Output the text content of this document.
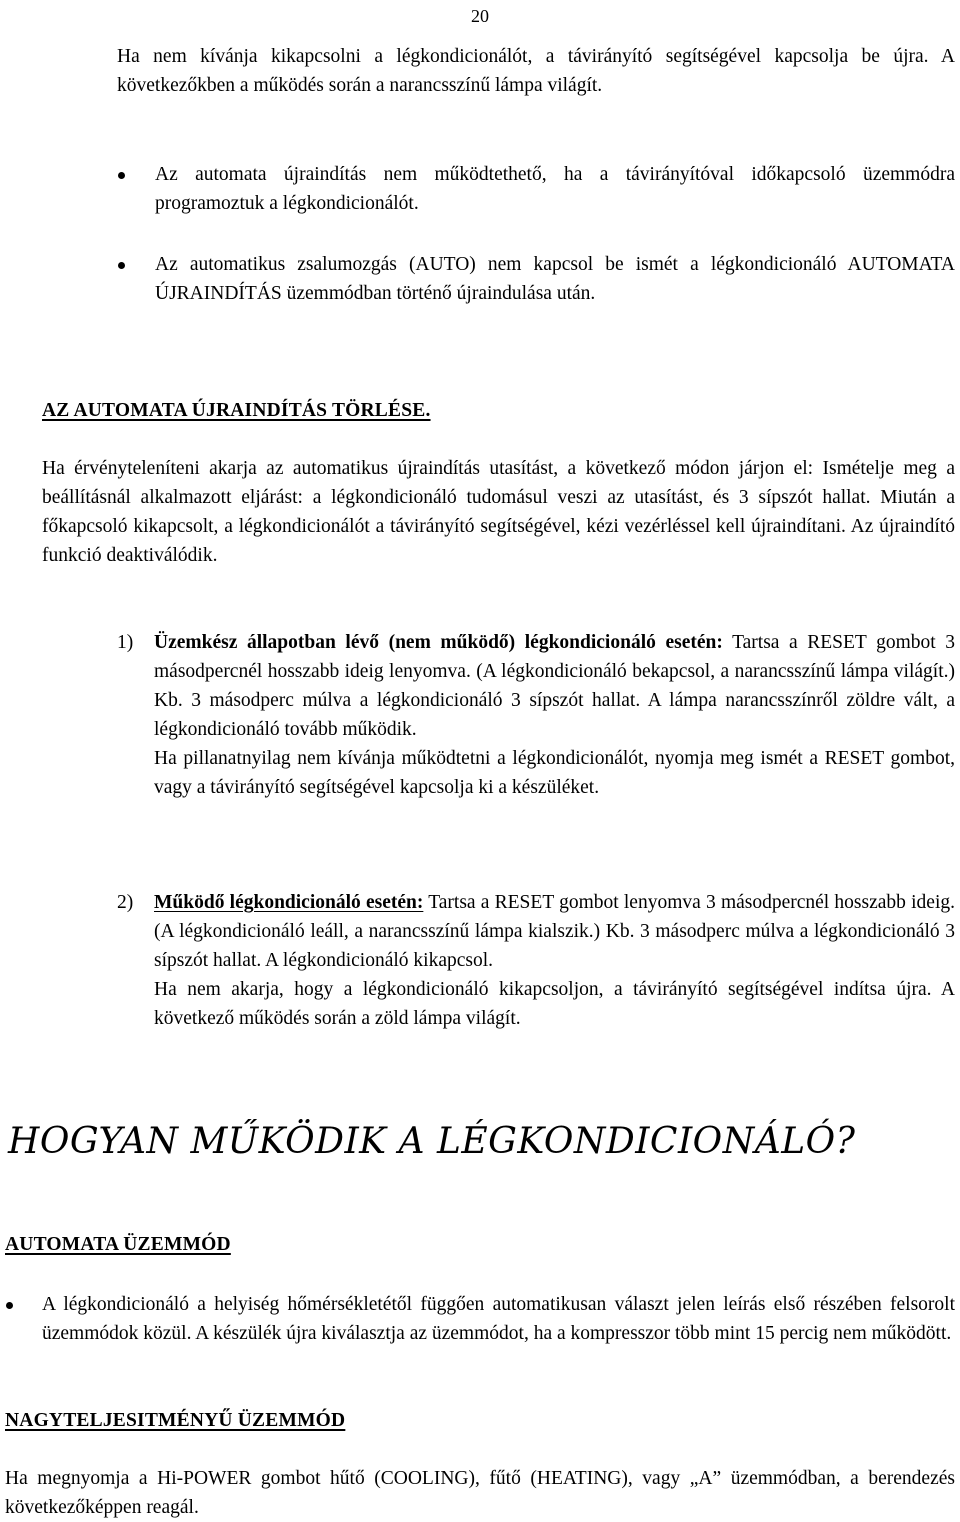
20

Ha nem kívánja kikapcsolni a légkondicionálót, a távirányító segítségével kapcsolja be újra. A következőkben a működés során a narancsszínű lámpa világít.

Az automata újraindítás nem működtethető, ha a távirányítóval időkapcsoló üzemmódra programoztuk a légkondicionálót.

Az automatikus zsalumozgás (AUTO) nem kapcsol be ismét a légkondicionáló AUTOMATA ÚJRAINDÍTÁS üzemmódban történő újraindulása után.

AZ AUTOMATA ÚJRAINDÍTÁS TÖRLÉSE.

Ha érvényteleníteni akarja az automatikus újraindítás utasítást, a következő módon járjon el: Ismételje meg a beállításnál alkalmazott eljárást: a légkondicionáló tudomásul veszi az utasítást, és 3 sípszót hallat. Miután a főkapcsoló kikapcsolt, a légkondicionálót a távirányító segítségével, kézi vezérléssel kell újraindítani. Az újraindító funkció deaktiválódik.

1) Üzemkész állapotban lévő (nem működő) légkondicionáló esetén: Tartsa a RESET gombot 3 másodpercnél hosszabb ideig lenyomva. (A légkondicionáló bekapcsol, a narancsszínű lámpa világít.) Kb. 3 másodperc múlva a légkondicionáló 3 sípszót hallat. A lámpa narancsszínről zöldre vált, a légkondicionáló tovább működik.

Ha pillanatnyilag nem kívánja működtetni a légkondicionálót, nyomja meg ismét a RESET gombot, vagy a távirányító segítségével kapcsolja ki a készüléket.

2) Működő légkondicionáló esetén: Tartsa a RESET gombot lenyomva 3 másodpercnél hosszabb ideig. (A légkondicionáló leáll, a narancsszínű lámpa kialszik.) Kb. 3 másodperc múlva a légkondicionáló 3 sípszót hallat. A légkondicionáló kikapcsol.

Ha nem akarja, hogy a légkondicionáló kikapcsoljon, a távirányító segítségével indítsa újra. A következő működés során a zöld lámpa világít.

HOGYAN MŰKÖDIK A LÉGKONDICIONÁLÓ?
AUTOMATA ÜZEMMÓD

A légkondicionáló a helyiség hőmérsékletétől függően automatikusan választ jelen leírás első részében felsorolt üzemmódok közül. A készülék újra kiválasztja az üzemmódot, ha a kompresszor több mint 15 percig nem működött.

NAGYTELJESITMÉNYŰ ÜZEMMÓD

Ha megnyomja a Hi-POWER gombot hűtő (COOLING), fűtő (HEATING), vagy „A” üzemmódban, a berendezés következőképpen reagál.
